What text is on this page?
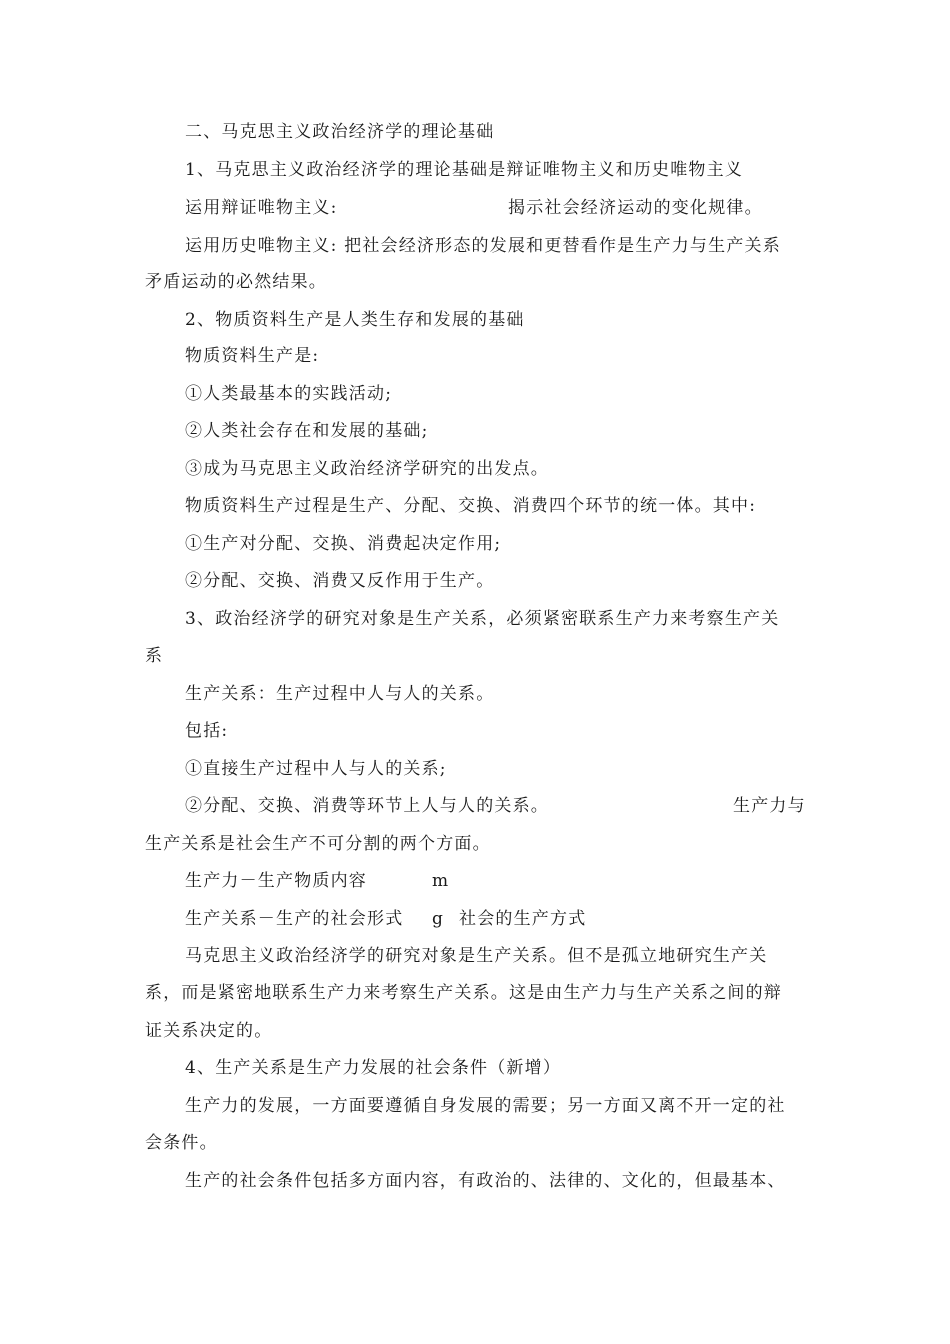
二、马克思主义政治经济学的理论基础
1、马克思主义政治经济学的理论基础是辩证唯物主义和历史唯物主义
运用辩证唯物主义:	揭示社会经济运动的变化规律。
运用历史唯物主义: 把社会经济形态的发展和更替看作是生产力与生产关系
矛盾运动的必然结果。
2、物质资料生产是人类生存和发展的基础
物质资料生产是:
①人类最基本的实践活动;
②人类社会存在和发展的基础;
③成为马克思主义政治经济学研究的出发点。
物质资料生产过程是生产、分配、交换、消费四个环节的统一体。其中:
①生产对分配、交换、消费起决定作用;
②分配、交换、消费又反作用于生产。
3、政治经济学的研究对象是生产关系，必须紧密联系生产力来考察生产关
系
生产关系：生产过程中人与人的关系。
包括:
①直接生产过程中人与人的关系;
②分配、交换、消费等环节上人与人的关系。	生产力与
生产关系是社会生产不可分割的两个方面。
生产力－生产物质内容	m
生产关系－生产的社会形式 g 社会的生产方式
马克思主义政治经济学的研究对象是生产关系。但不是孤立地研究生产关
系，而是紧密地联系生产力来考察生产关系。这是由生产力与生产关系之间的辩
证关系决定的。
4、生产关系是生产力发展的社会条件（新增）
生产力的发展，一方面要遵循自身发展的需要；另一方面又离不开一定的社
会条件。
生产的社会条件包括多方面内容，有政治的、法律的、文化的，但最基本、
